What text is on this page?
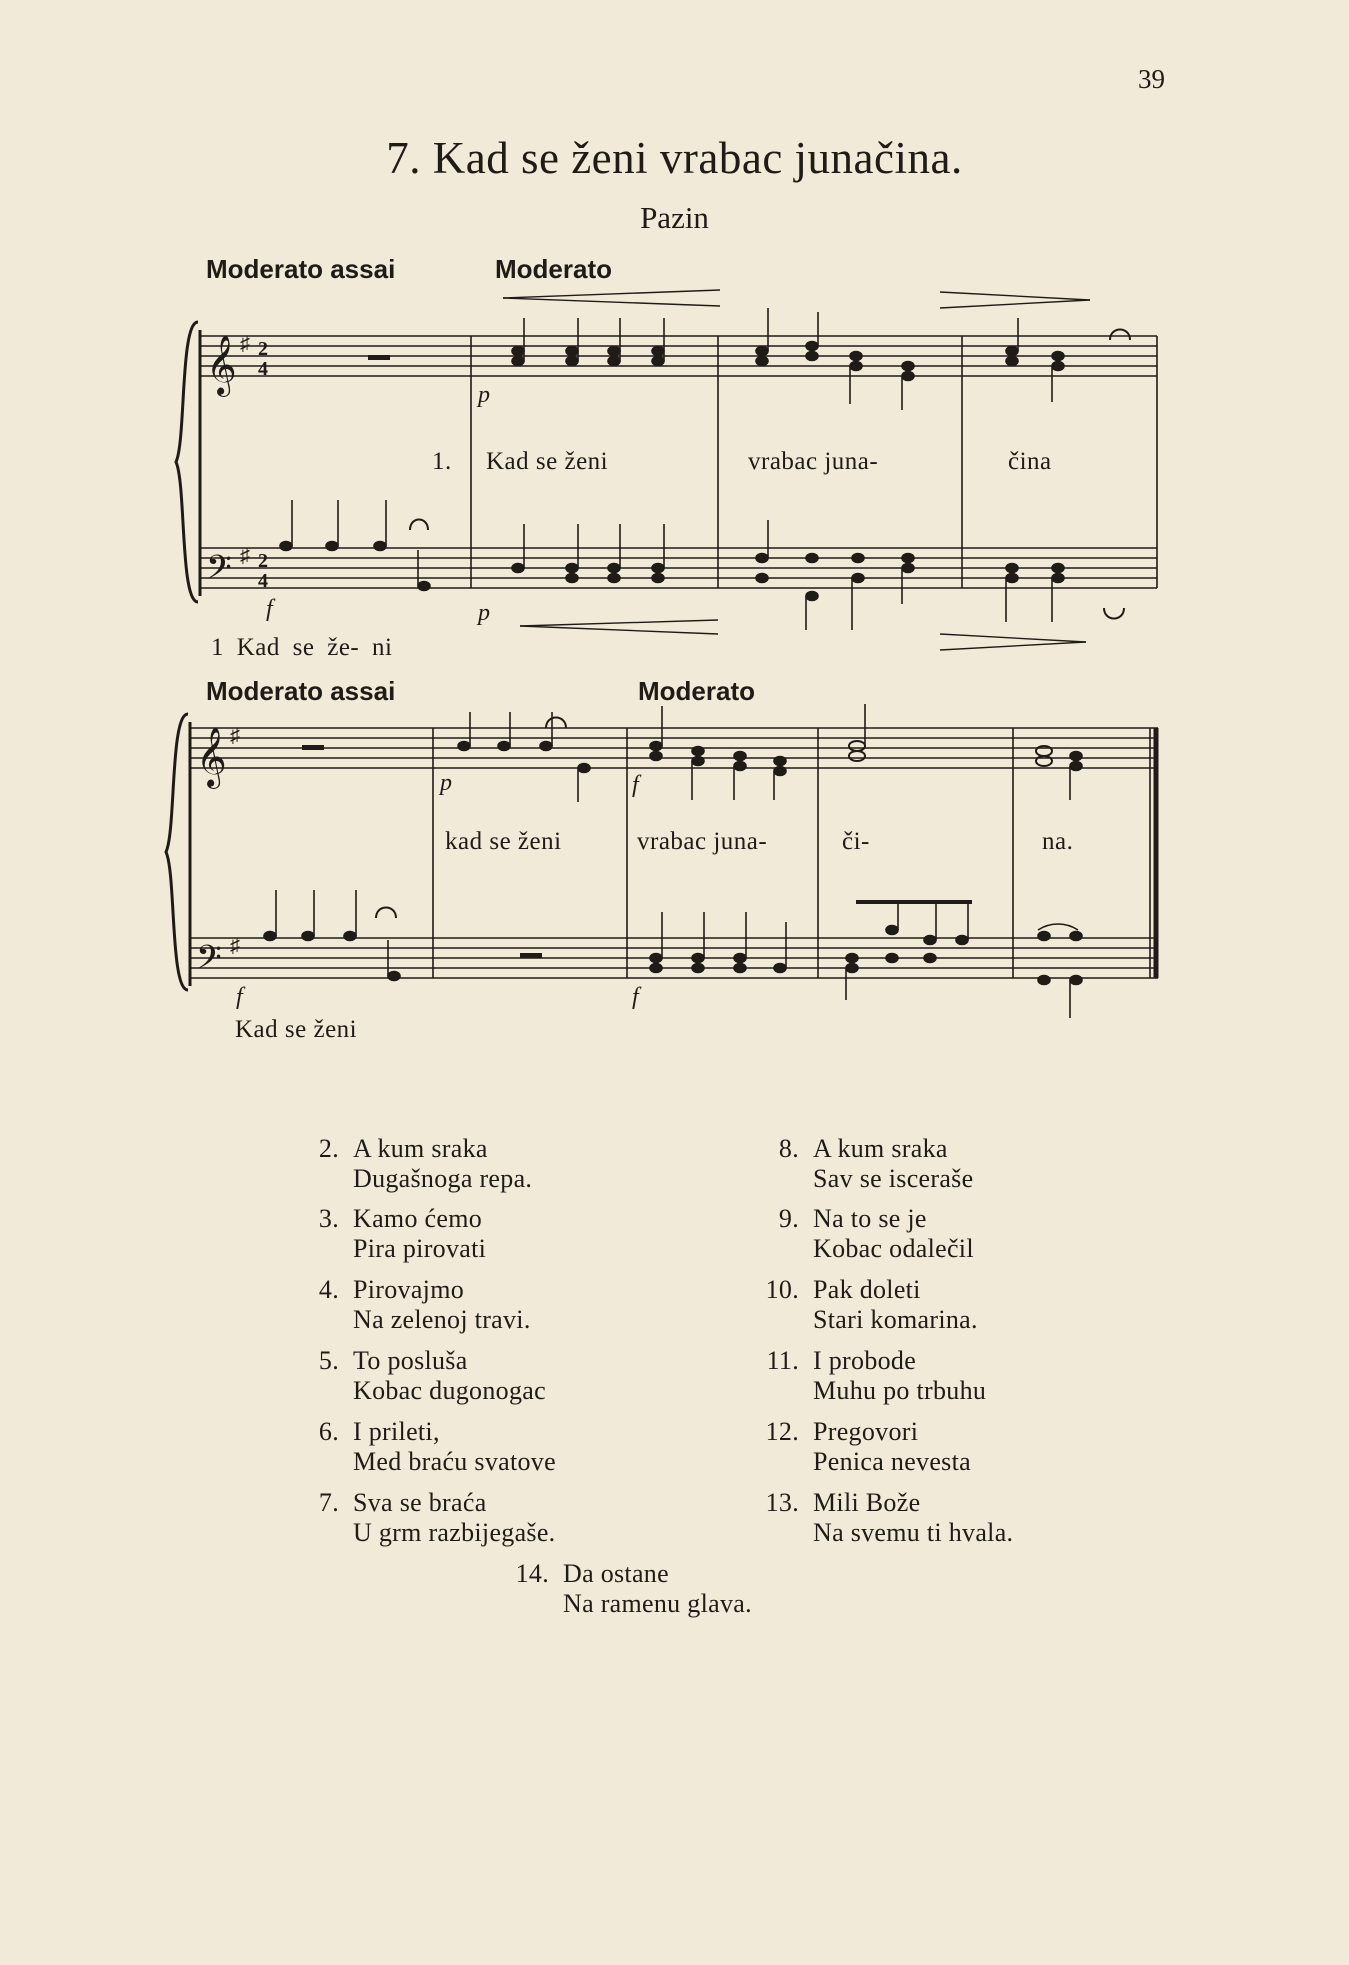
39
7. Kad se ženi vrabac junačina.
Pazin
Moderato assai	Moderato
Moderato assai	Moderato
𝄞
𝄢
♯
♯
2
4
2
4
𝄞
𝄢
♯
♯
p
f	p
p	f
f	f
1. Kad se ženi	vrabac juna-	čina
1 Kad se že- ni
kad se ženi	vrabac juna-	či-	na.
Kad se ženi
2. A kum sraka
Dugašnoga repa.
3. Kamo ćemo
Pira pirovati
4. Pirovajmo
Na zelenoj travi.
5. To posluša
Kobac dugonogac
6. I prileti,
Med braću svatove
7. Sva se braća
U grm razbijegaše.
8. A kum sraka
Sav se isceraše
9. Na to se je
Kobac odalečil
10. Pak doleti
Stari komarina.
11. I probode
Muhu po trbuhu
12. Pregovori
Penica nevesta
13. Mili Bože
Na svemu ti hvala.
14. Da ostane
Na ramenu glava.
